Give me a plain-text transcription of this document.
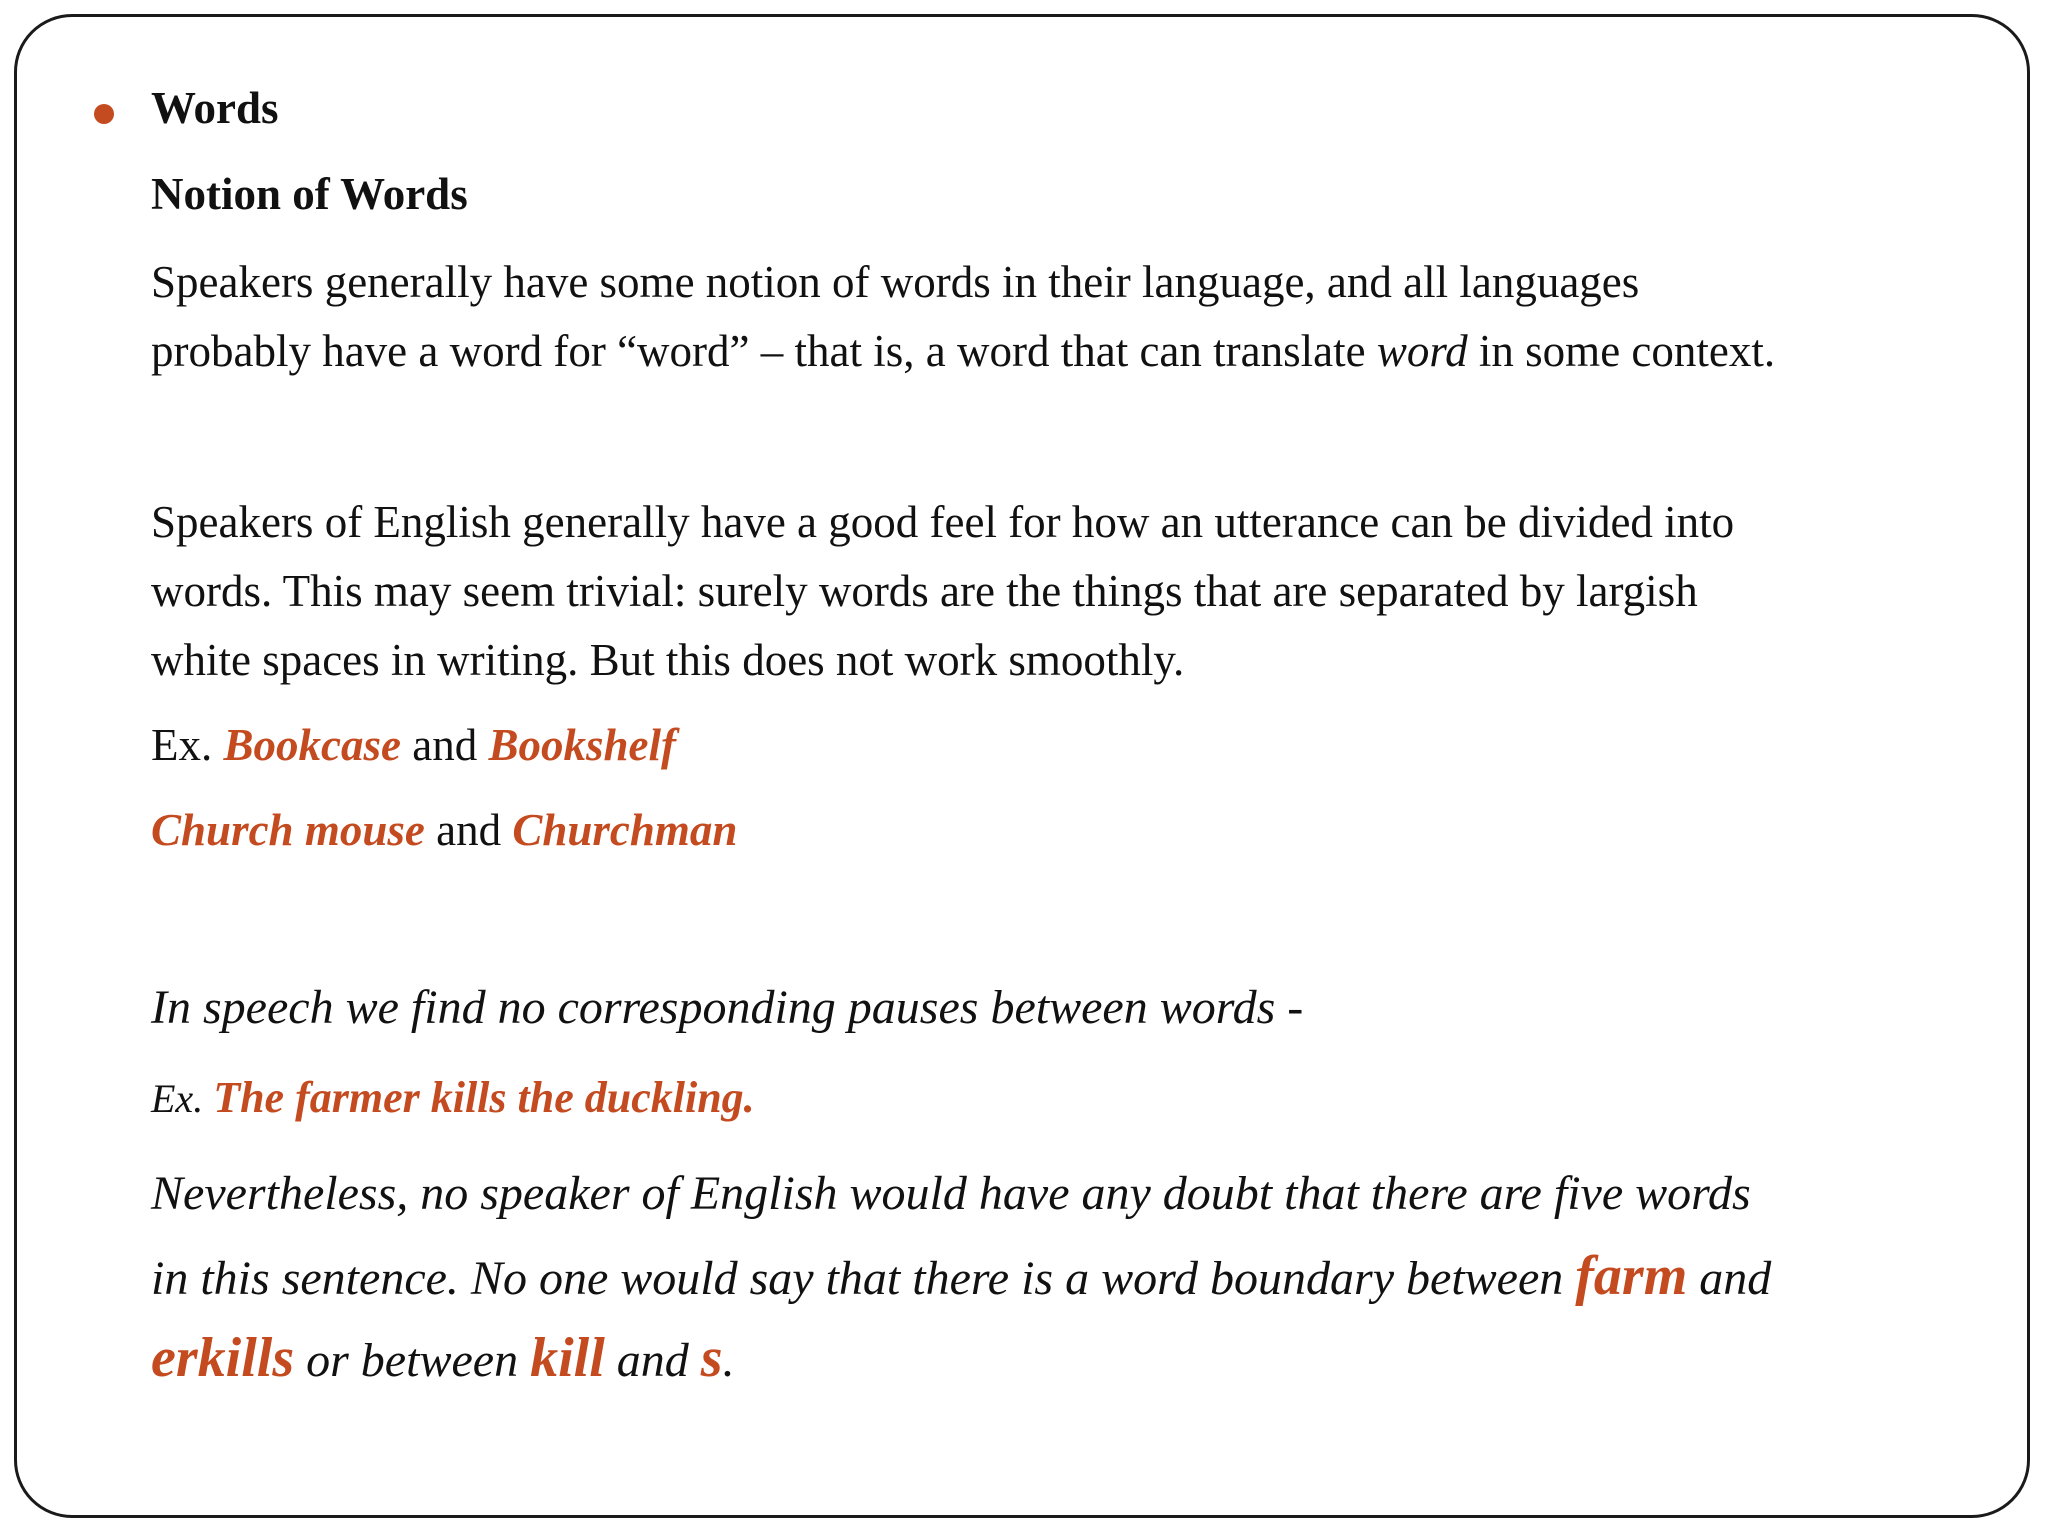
Words
Notion of Words
Speakers generally have some notion of words in their language, and all languages
probably have a word for “word” – that is, a word that can translate word in some context.
Speakers of English generally have a good feel for how an utterance can be divided into
words. This may seem trivial: surely words are the things that are separated by largish
white spaces in writing. But this does not work smoothly.
Ex. Bookcase and Bookshelf
Church mouse and Churchman
In speech we find no corresponding pauses between words -
Ex. The farmer kills the duckling.
Nevertheless, no speaker of English would have any doubt that there are five words
in this sentence. No one would say that there is a word boundary between farm and
erkills or between kill and s.
